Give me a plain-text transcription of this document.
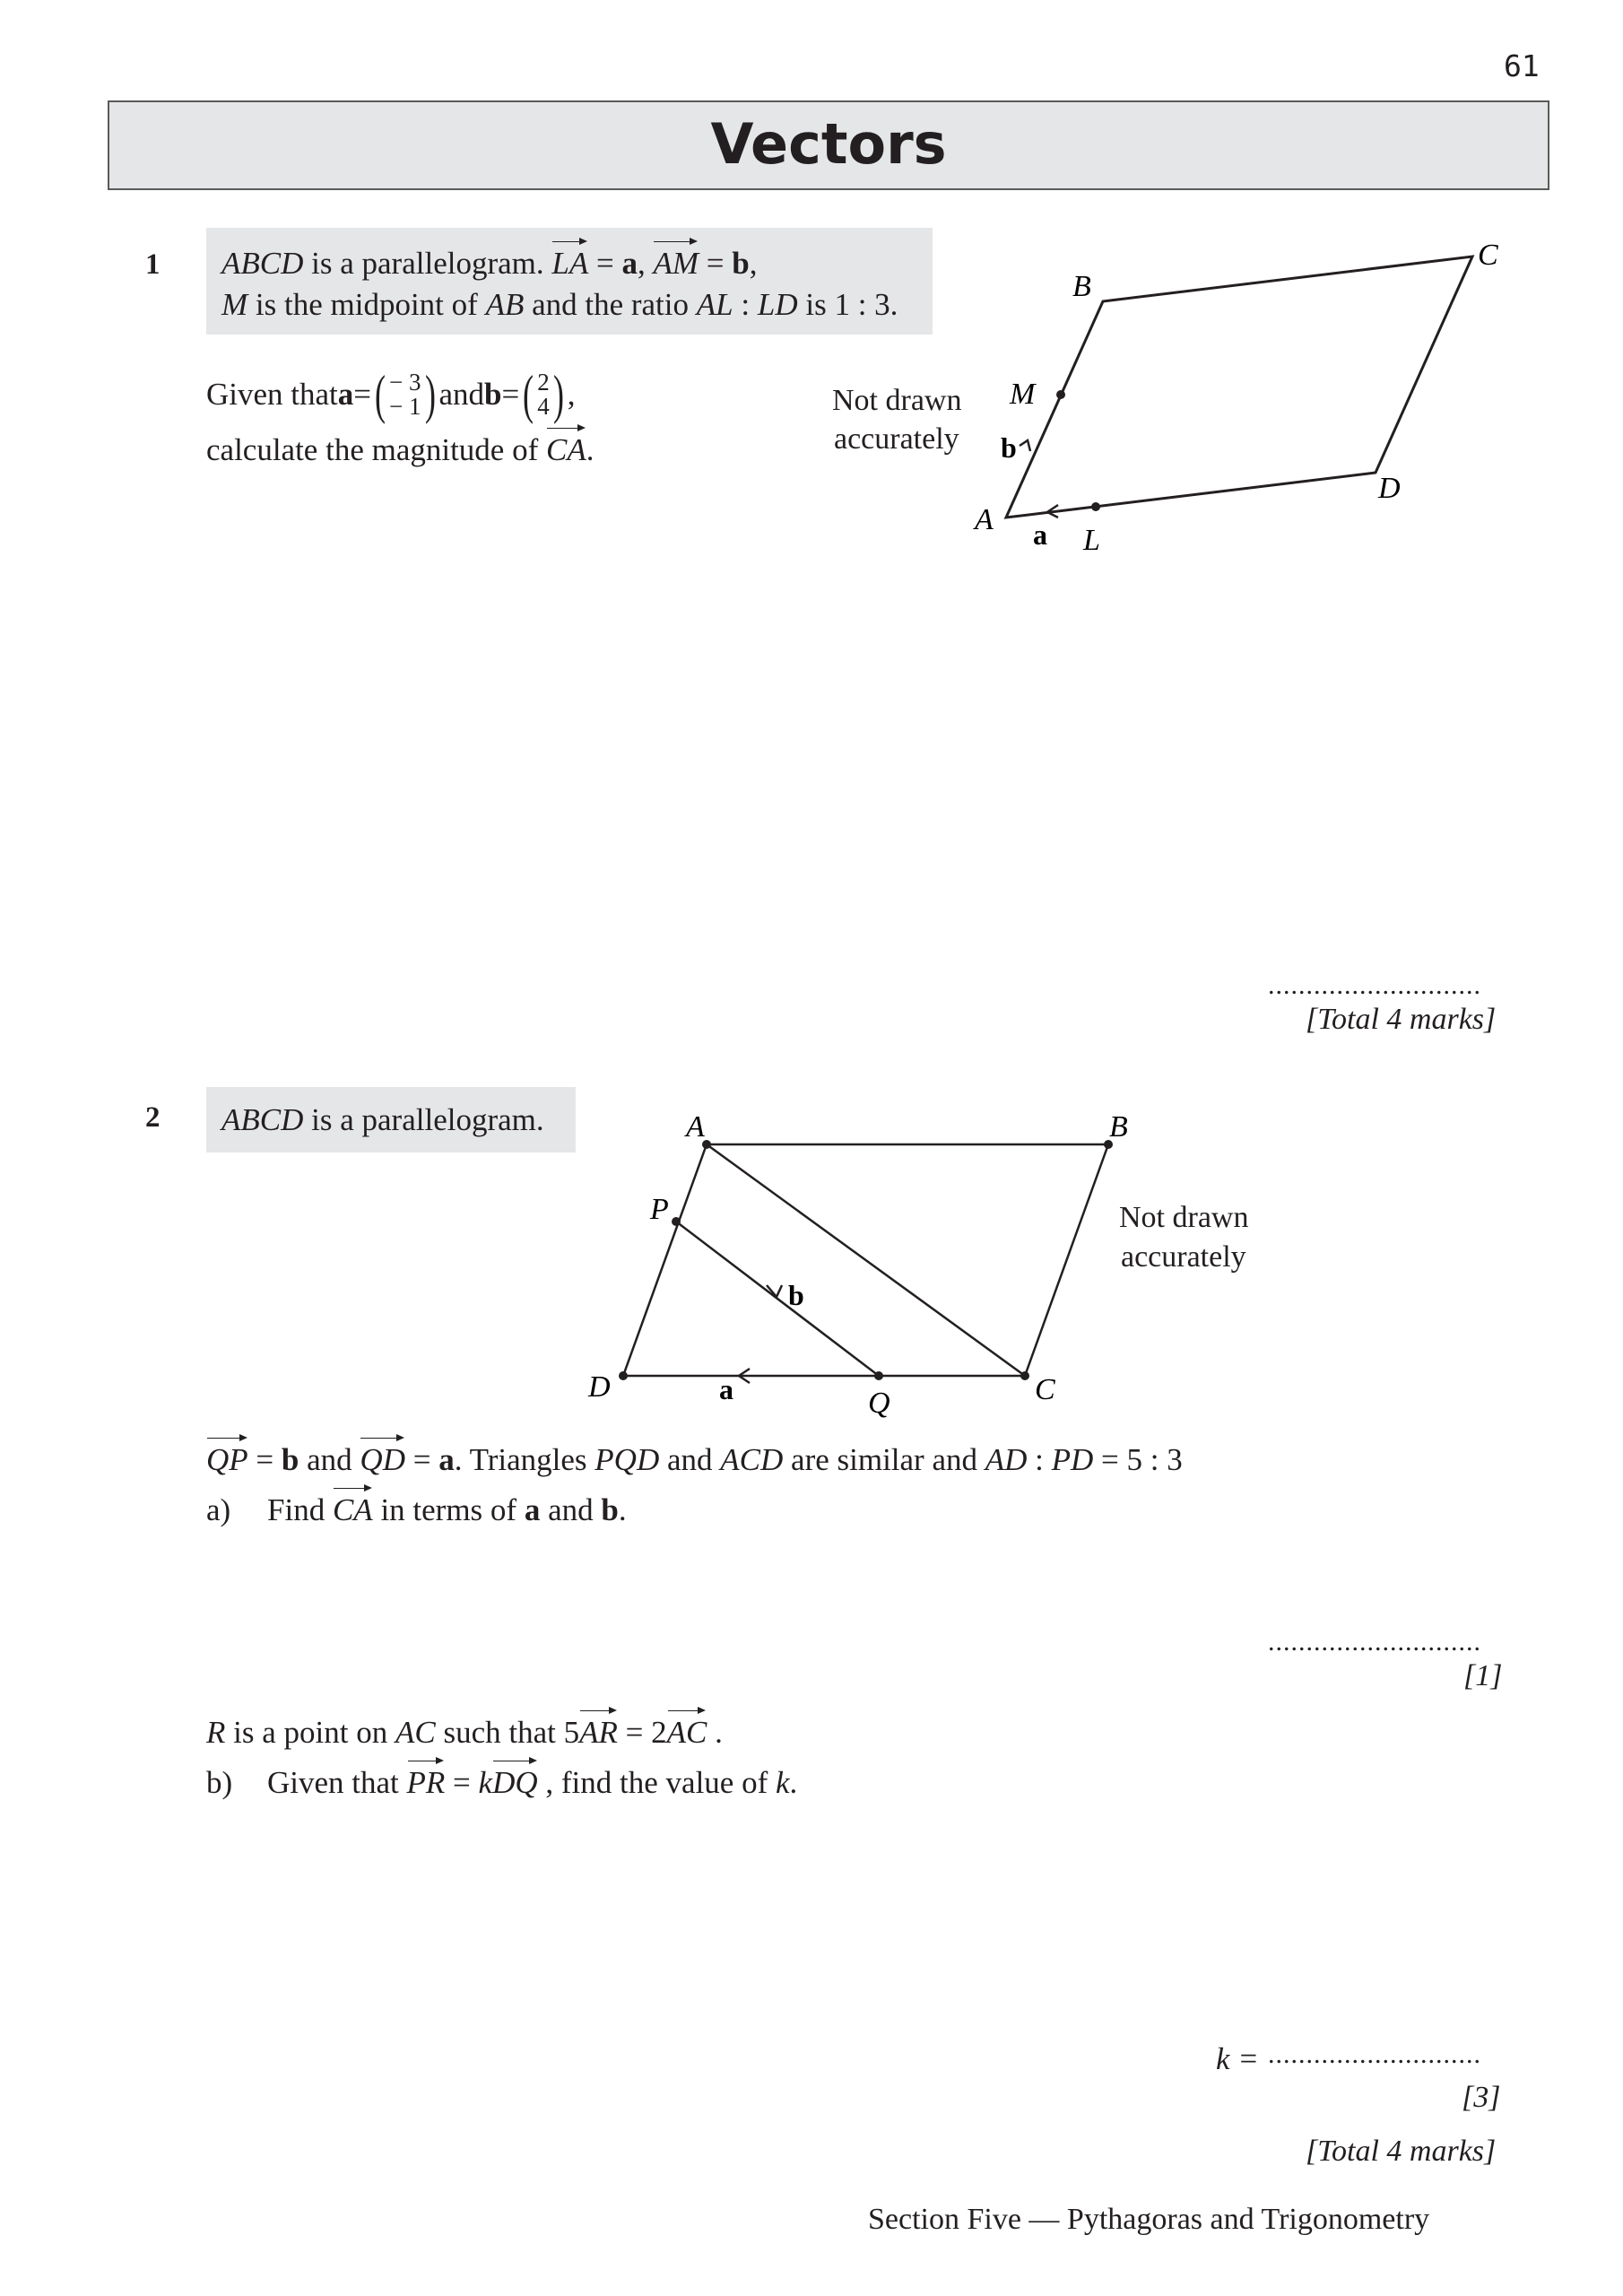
61
Vectors
1 ABCD is a parallelogram. LA = a, AM = b,
M is the midpoint of AB and the ratio AL : LD is 1 : 3.
Given that a = ( − 3
− 1 ) and b = ( 2
4 ) ,
calculate the magnitude of CA.
Not drawn
accurately
A
B
C
D
M
L
a
b
............................
[Total 4 marks]
2 ABCD is a parallelogram.
Not drawn
accurately
A	B
C
D
P
Q
a
b
QP = b and QD = a. Triangles PQD and ACD are similar and AD : PD = 5 : 3
a) Find CA in terms of a and b.
............................
[1]
R is a point on AC such that 5AR = 2AC .
b) Given that PR = kDQ , find the value of k.
k = ............................
[3]
[Total 4 marks]
Section Five — Pythagoras and Trigonometry
